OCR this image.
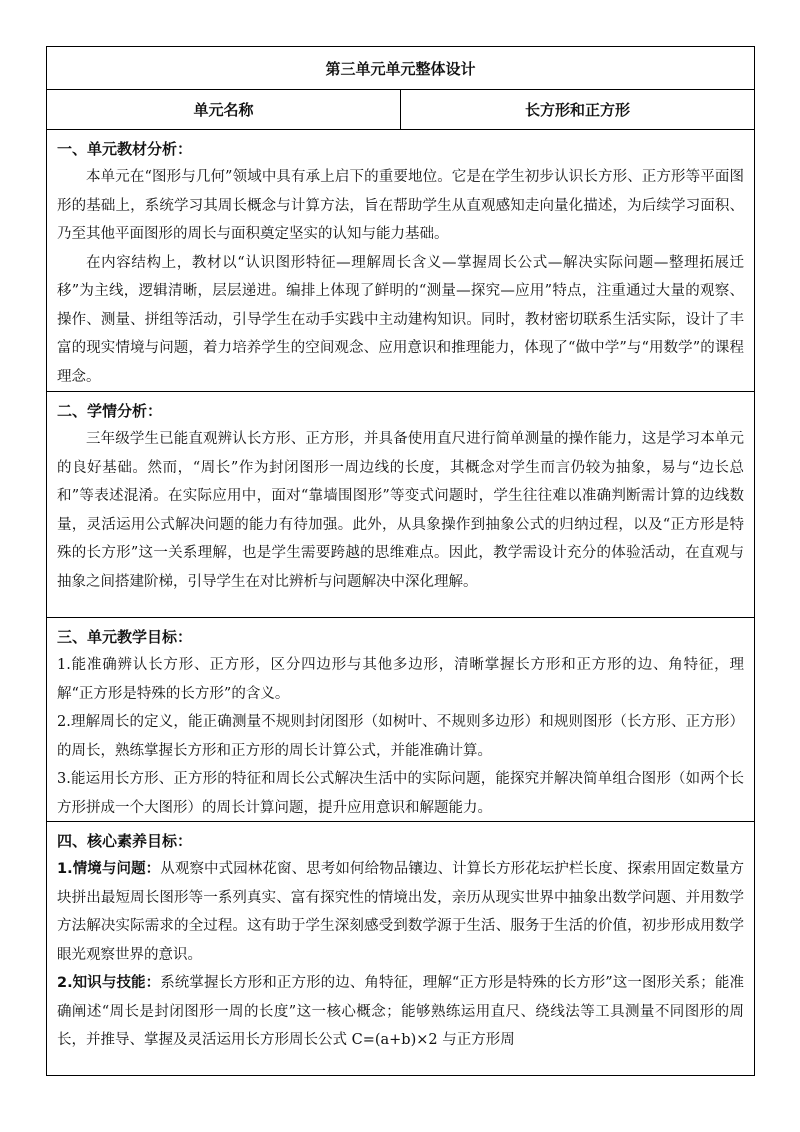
第三单元单元整体设计
单元名称	长方形和正方形
一、单元教材分析：

本单元在“图形与几何”领域中具有承上启下的重要地位。它是在学生初步认识长方形、正方形等平面图形的基础上，系统学习其周长概念与计算方法，旨在帮助学生从直观感知走向量化描述，为后续学习面积、乃至其他平面图形的周长与面积奠定坚实的认知与能力基础。

在内容结构上，教材以“认识图形特征—理解周长含义—掌握周长公式—解决实际问题—整理拓展迁移”为主线，逻辑清晰，层层递进。编排上体现了鲜明的“测量—探究—应用”特点，注重通过大量的观察、操作、测量、拼组等活动，引导学生在动手实践中主动建构知识。同时，教材密切联系生活实际，设计了丰富的现实情境与问题，着力培养学生的空间观念、应用意识和推理能力，体现了“做中学”与“用数学”的课程理念。

二、学情分析：

三年级学生已能直观辨认长方形、正方形，并具备使用直尺进行简单测量的操作能力，这是学习本单元的良好基础。然而，“周长”作为封闭图形一周边线的长度，其概念对学生而言仍较为抽象，易与“边长总和”等表述混淆。在实际应用中，面对“靠墙围图形”等变式问题时，学生往往难以准确判断需计算的边线数量，灵活运用公式解决问题的能力有待加强。此外，从具象操作到抽象公式的归纳过程，以及“正方形是特殊的长方形”这一关系理解，也是学生需要跨越的思维难点。因此，教学需设计充分的体验活动，在直观与抽象之间搭建阶梯，引导学生在对比辨析与问题解决中深化理解。

三、单元教学目标：

1.能准确辨认长方形、正方形，区分四边形与其他多边形，清晰掌握长方形和正方形的边、角特征，理解“正方形是特殊的长方形”的含义。

2.理解周长的定义，能正确测量不规则封闭图形（如树叶、不规则多边形）和规则图形（长方形、正方形）的周长，熟练掌握长方形和正方形的周长计算公式，并能准确计算。

3.能运用长方形、正方形的特征和周长公式解决生活中的实际问题，能探究并解决简单组合图形（如两个长方形拼成一个大图形）的周长计算问题，提升应用意识和解题能力。

四、核心素养目标：

1.情境与问题：从观察中式园林花窗、思考如何给物品镶边、计算长方形花坛护栏长度、探索用固定数量方块拼出最短周长图形等一系列真实、富有探究性的情境出发，亲历从现实世界中抽象出数学问题、并用数学方法解决实际需求的全过程。这有助于学生深刻感受到数学源于生活、服务于生活的价值，初步形成用数学眼光观察世界的意识。

2.知识与技能：系统掌握长方形和正方形的边、角特征，理解“正方形是特殊的长方形”这一图形关系；能准确阐述“周长是封闭图形一周的长度”这一核心概念；能够熟练运用直尺、绕线法等工具测量不同图形的周长，并推导、掌握及灵活运用长方形周长公式 C=(a+b)×2 与正方形周
